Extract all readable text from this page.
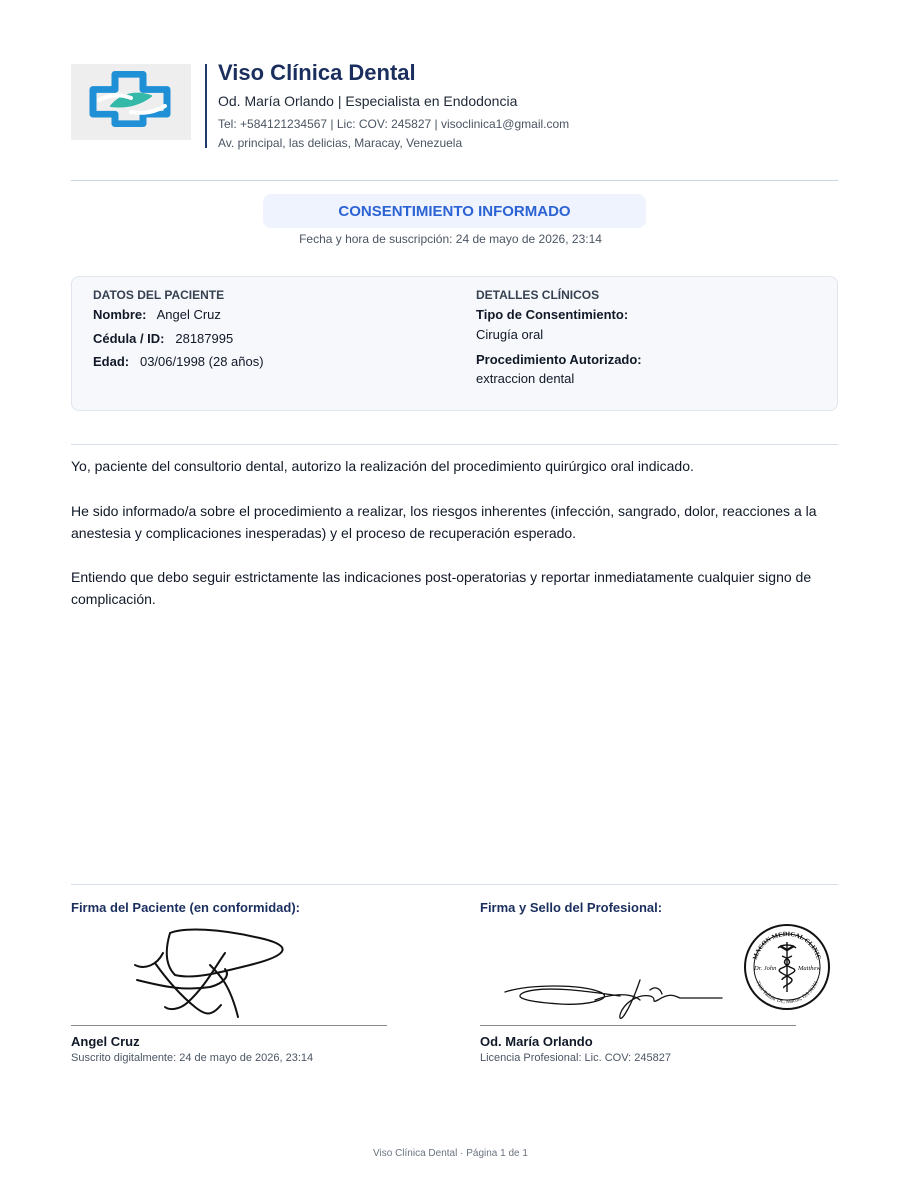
Viso Clínica Dental
Od. María Orlando | Especialista en Endodoncia
Tel: +584121234567 | Lic: COV: 245827 | visoclinica1@gmail.com
Av. principal, las delicias, Maracay, Venezuela
CONSENTIMIENTO INFORMADO
Fecha y hora de suscripción: 24 de mayo de 2026, 23:14
DATOS DEL PACIENTE
Nombre: Angel Cruz
Cédula / ID: 28187995
Edad: 03/06/1998 (28 años)
DETALLES CLÍNICOS
Tipo de Consentimiento:
Cirugía oral
Procedimiento Autorizado:
extraccion dental
Yo, paciente del consultorio dental, autorizo la realización del procedimiento quirúrgico oral indicado.
He sido informado/a sobre el procedimiento a realizar, los riesgos inherentes (infección, sangrado, dolor, reacciones a la anestesia y complicaciones inesperadas) y el proceso de recuperación esperado.
Entiendo que debo seguir estrictamente las indicaciones post-operatorias y reportar inmediatamente cualquier signo de complicación.
Firma del Paciente (en conformidad):
Angel Cruz
Suscrito digitalmente: 24 de mayo de 2026, 23:14
Firma y Sello del Profesional:
MACON MEDICAL CLINIC
7101 Tallahr Dr., Macon, GA 31211
Dr. John	Matthew
Od. María Orlando
Licencia Profesional: Lic. COV: 245827
Viso Clínica Dental · Página 1 de 1
